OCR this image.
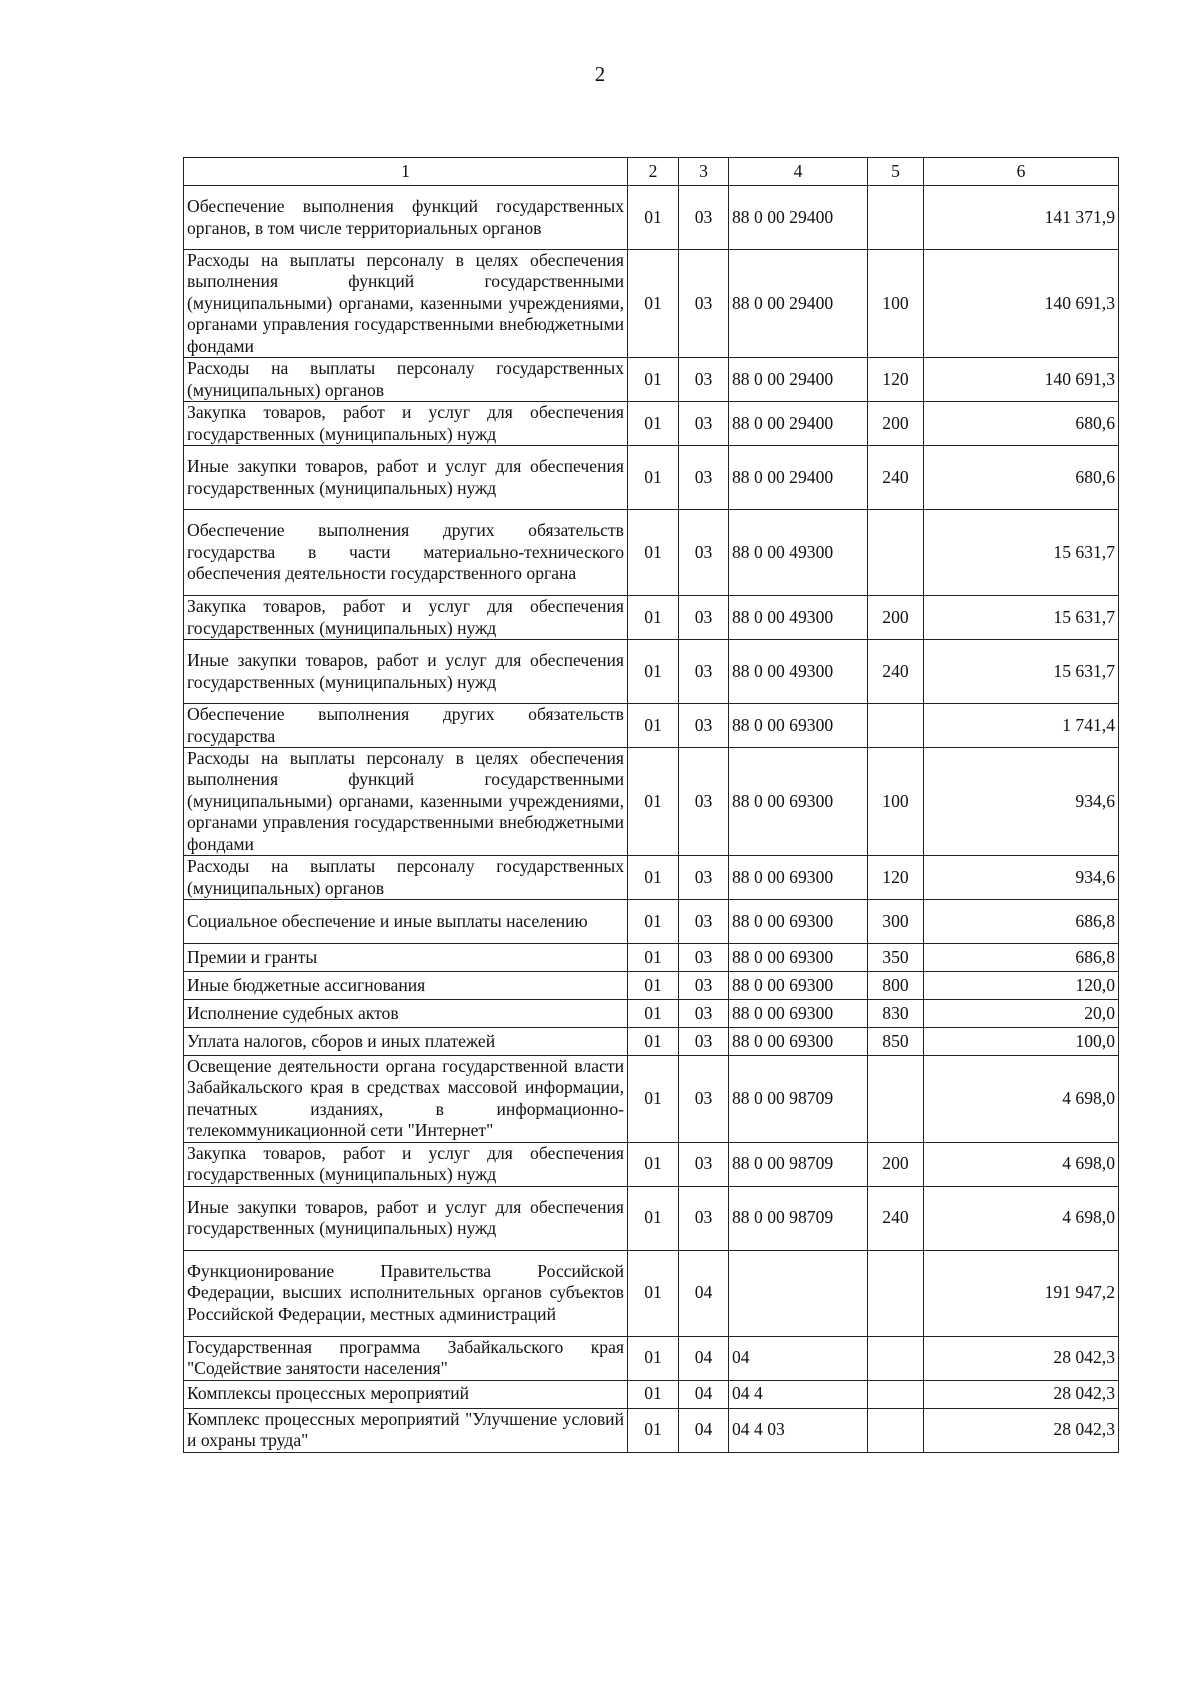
2
1	2	3	4	5	6
Обеспечение выполнения функций государственных органов, в том числе территориальных органов	01	03	88 0 00 29400		141 371,9
Расходы на выплаты персоналу в целях обеспечения выполнения функций государственными (муниципальными) органами, казенными учреждениями, органами управления государственными внебюджетными фондами	01	03	88 0 00 29400	100	140 691,3
Расходы на выплаты персоналу государственных (муниципальных) органов	01	03	88 0 00 29400	120	140 691,3
Закупка товаров, работ и услуг для обеспечения государственных (муниципальных) нужд	01	03	88 0 00 29400	200	680,6
Иные закупки товаров, работ и услуг для обеспечения государственных (муниципальных) нужд	01	03	88 0 00 29400	240	680,6
Обеспечение выполнения других обязательств государства в части материально-технического обеспечения деятельности государственного органа	01	03	88 0 00 49300		15 631,7
Закупка товаров, работ и услуг для обеспечения государственных (муниципальных) нужд	01	03	88 0 00 49300	200	15 631,7
Иные закупки товаров, работ и услуг для обеспечения государственных (муниципальных) нужд	01	03	88 0 00 49300	240	15 631,7
Обеспечение выполнения других обязательств государства	01	03	88 0 00 69300		1 741,4
Расходы на выплаты персоналу в целях обеспечения выполнения функций государственными (муниципальными) органами, казенными учреждениями, органами управления государственными внебюджетными фондами	01	03	88 0 00 69300	100	934,6
Расходы на выплаты персоналу государственных (муниципальных) органов	01	03	88 0 00 69300	120	934,6
Социальное обеспечение и иные выплаты населению	01	03	88 0 00 69300	300	686,8
Премии и гранты	01	03	88 0 00 69300	350	686,8
Иные бюджетные ассигнования	01	03	88 0 00 69300	800	120,0
Исполнение судебных актов	01	03	88 0 00 69300	830	20,0
Уплата налогов, сборов и иных платежей	01	03	88 0 00 69300	850	100,0
Освещение деятельности органа государственной власти Забайкальского края в средствах массовой информации, печатных изданиях, в информационно-телекоммуникационной сети "Интернет"	01	03	88 0 00 98709		4 698,0
Закупка товаров, работ и услуг для обеспечения государственных (муниципальных) нужд	01	03	88 0 00 98709	200	4 698,0
Иные закупки товаров, работ и услуг для обеспечения государственных (муниципальных) нужд	01	03	88 0 00 98709	240	4 698,0
Функционирование Правительства Российской Федерации, высших исполнительных органов субъектов Российской Федерации, местных администраций	01	04			191 947,2
Государственная программа Забайкальского края "Содействие занятости населения"	01	04	04		28 042,3
Комплексы процессных мероприятий	01	04	04 4		28 042,3
Комплекс процессных мероприятий "Улучшение условий и охраны труда"	01	04	04 4 03		28 042,3
